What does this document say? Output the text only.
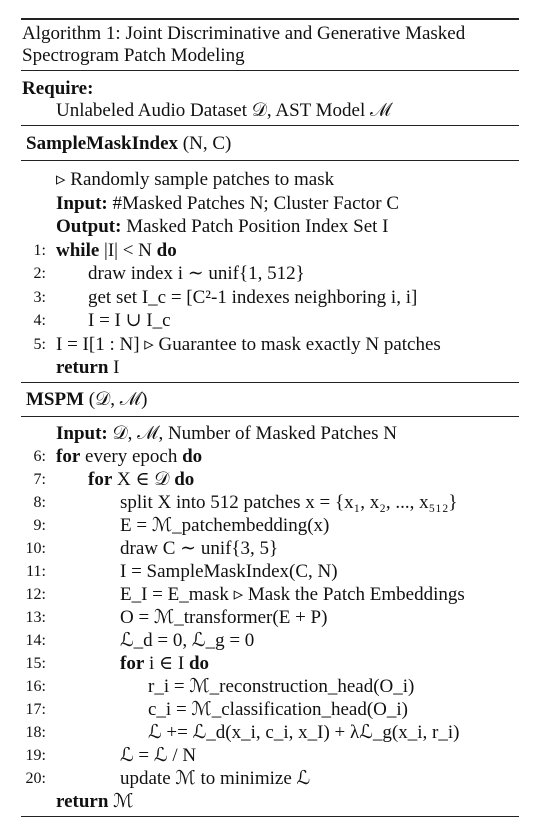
Algorithm 1: Joint Discriminative and Generative Masked
Spectrogram Patch Modeling
Require:
Unlabeled Audio Dataset 𝒟, AST Model ℳ
SampleMaskIndex (N, C)
▹ Randomly sample patches to mask
Input: #Masked Patches N; Cluster Factor C
Output: Masked Patch Position Index Set I
1: while |I| < N do
2: draw index i ∼ unif{1, 512}
3: get set I_c = [C²-1 indexes neighboring i, i]
4: I = I ∪ I_c
5: I = I[1 : N] ▹ Guarantee to mask exactly N patches
return I
MSPM (𝒟, ℳ)
Input: 𝒟, ℳ, Number of Masked Patches N
6: for every epoch do
7: for X ∈ 𝒟 do
8:	split X into 512 patches x = {x₁, x₂, ..., x₅₁₂}
9:	E = ℳ_patchembedding(x)
10:	draw C ∼ unif{3, 5}
11:	I = SampleMaskIndex(C, N)
12:	E_I = E_mask ▹ Mask the Patch Embeddings
13:	O = ℳ_transformer(E + P)
14:	ℒ_d = 0, ℒ_g = 0
15:	for i ∈ I do
16:	r_i = ℳ_reconstruction_head(O_i)
17:	c_i = ℳ_classification_head(O_i)
18:	ℒ += ℒ_d(x_i, c_i, x_I) + λℒ_g(x_i, r_i)
19:	ℒ = ℒ / N
20:	update ℳ to minimize ℒ
return ℳ
